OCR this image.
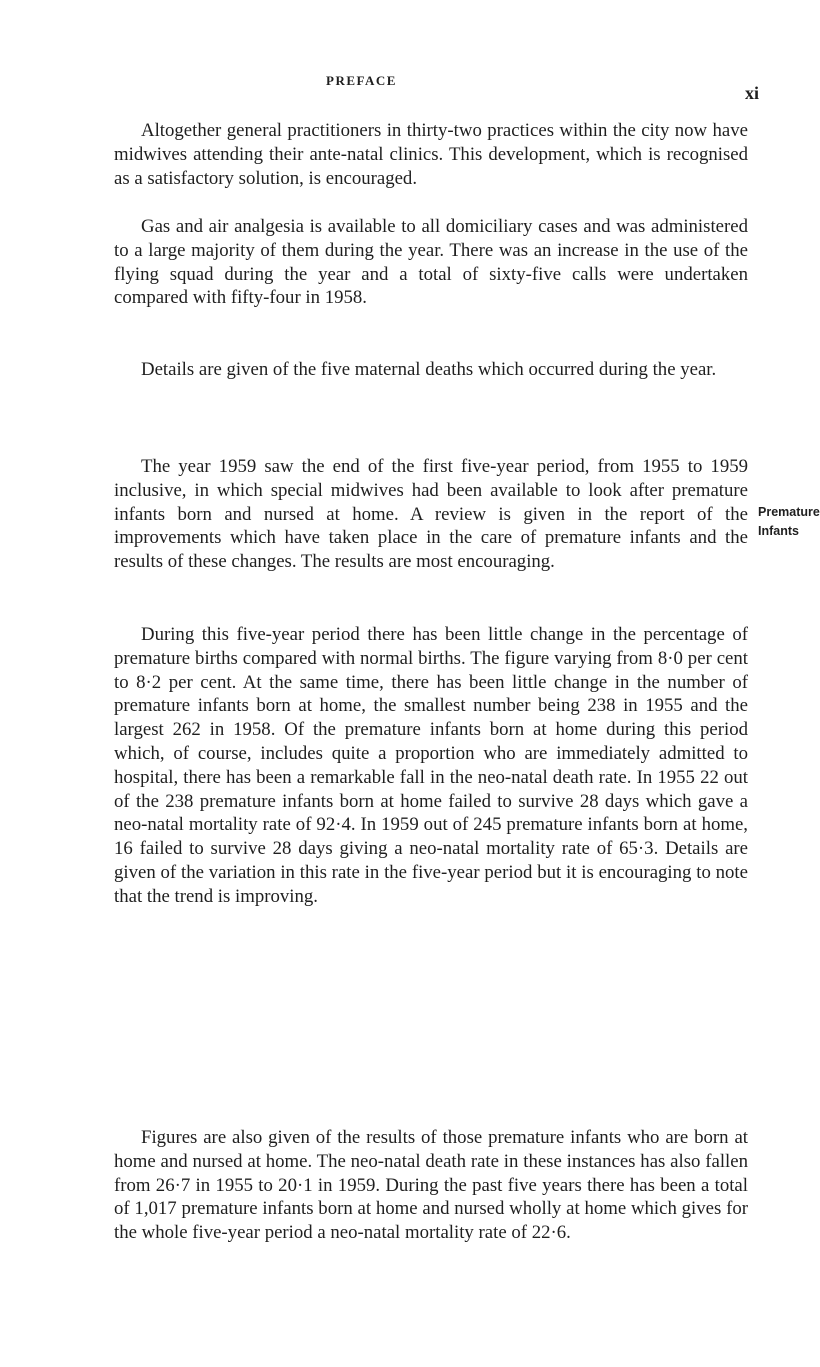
PREFACE
xi

Altogether general practitioners in thirty-two practices within the city now have midwives attending their ante-natal clinics. This development, which is recognised as a satisfactory solution, is encouraged.

Gas and air analgesia is available to all domiciliary cases and was administered to a large majority of them during the year. There was an increase in the use of the flying squad during the year and a total of sixty-five calls were undertaken compared with fifty-four in 1958.

Details are given of the five maternal deaths which occurred during the year.

The year 1959 saw the end of the first five-year period, from 1955 to 1959 inclusive, in which special midwives had been available to look after premature infants born and nursed at home. A review is given in the report of the improvements which have taken place in the care of premature infants and the results of these changes. The results are most encouraging.

During this five-year period there has been little change in the percentage of premature births compared with normal births. The figure varying from 8·0 per cent to 8·2 per cent. At the same time, there has been little change in the number of premature infants born at home, the smallest number being 238 in 1955 and the largest 262 in 1958. Of the premature infants born at home during this period which, of course, includes quite a proportion who are immediately admitted to hospital, there has been a remarkable fall in the neo-natal death rate. In 1955 22 out of the 238 premature infants born at home failed to survive 28 days which gave a neo-natal mortality rate of 92·4. In 1959 out of 245 premature infants born at home, 16 failed to survive 28 days giving a neo-natal mortality rate of 65·3. Details are given of the variation in this rate in the five-year period but it is encouraging to note that the trend is improving.

Figures are also given of the results of those premature infants who are born at home and nursed at home. The neo-natal death rate in these instances has also fallen from 26·7 in 1955 to 20·1 in 1959. During the past five years there has been a total of 1,017 premature infants born at home and nursed wholly at home which gives for the whole five-year period a neo-natal mortality rate of 22·6.

Premature
Infants
